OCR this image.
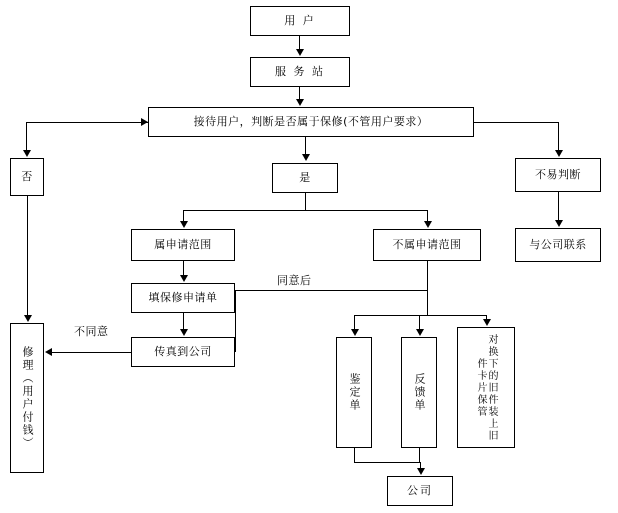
同意后
不同意
用 户
服 务 站
接待用户，判断是否属于保修(不管用户要求）
否	是	不易判断
与公司联系
属申请范围	不属申请范围
填保修申请单
传真到公司
修理（用户付钱）	鉴定单	反馈单	对换下的旧件装上旧件卡片保管
公司
